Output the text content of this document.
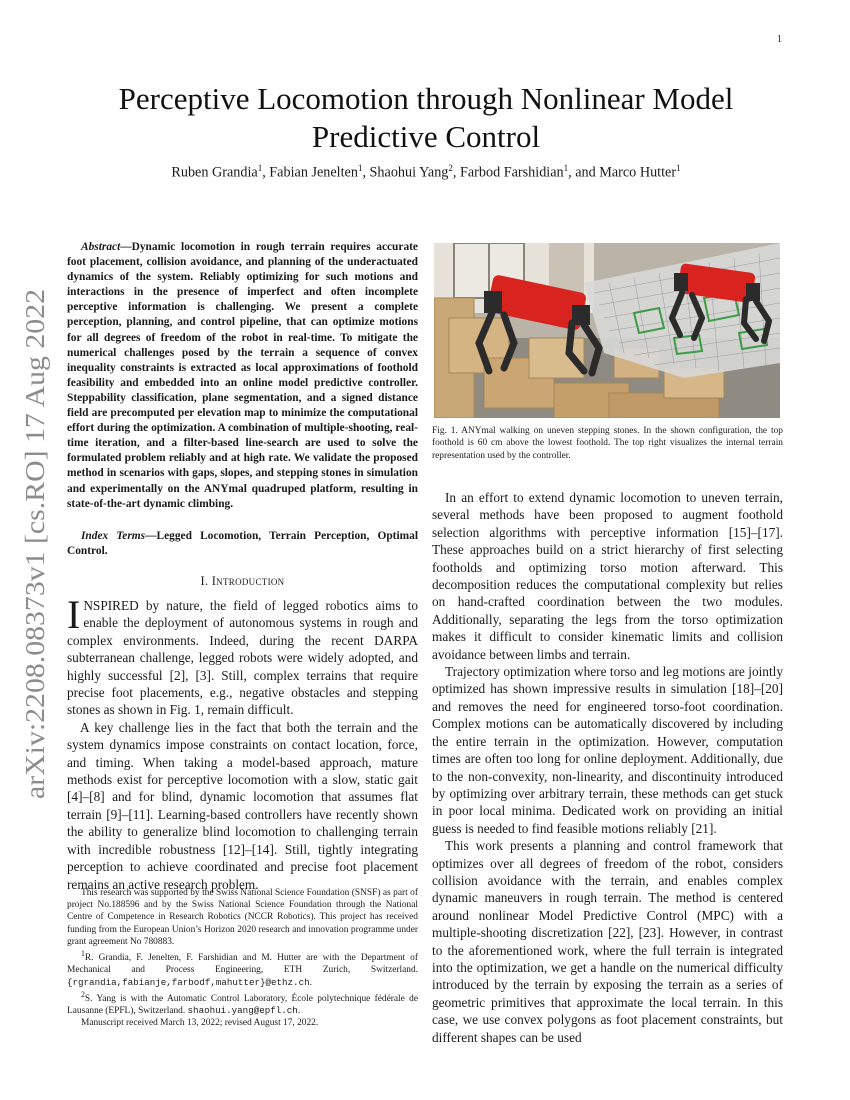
1
arXiv:2208.08373v1 [cs.RO] 17 Aug 2022
Perceptive Locomotion through Nonlinear Model Predictive Control
Ruben Grandia$^1$, Fabian Jenelten$^1$, Shaohui Yang$^2$, Farbod Farshidian$^1$, and Marco Hutter$^1$

Abstract—Dynamic locomotion in rough terrain requires accurate foot placement, collision avoidance, and planning of the underactuated dynamics of the system. Reliably optimizing for such motions and interactions in the presence of imperfect and often incomplete perceptive information is challenging. We present a complete perception, planning, and control pipeline, that can optimize motions for all degrees of freedom of the robot in real-time. To mitigate the numerical challenges posed by the terrain a sequence of convex inequality constraints is extracted as local approximations of foothold feasibility and embedded into an online model predictive controller. Steppability classification, plane segmentation, and a signed distance field are precomputed per elevation map to minimize the computational effort during the optimization. A combination of multiple-shooting, real-time iteration, and a filter-based line-search are used to solve the formulated problem reliably and at high rate. We validate the proposed method in scenarios with gaps, slopes, and stepping stones in simulation and experimentally on the ANYmal quadruped platform, resulting in state-of-the-art dynamic climbing.

Index Terms—Legged Locomotion, Terrain Perception, Optimal Control.

I. Introduction

INSPIRED by nature, the field of legged robotics aims to enable the deployment of autonomous systems in rough and complex environments. Indeed, during the recent DARPA subterranean challenge, legged robots were widely adopted, and highly successful [2], [3]. Still, complex terrains that require precise foot placements, e.g., negative obstacles and stepping stones as shown in Fig. 1, remain difficult.

A key challenge lies in the fact that both the terrain and the system dynamics impose constraints on contact location, force, and timing. When taking a model-based approach, mature methods exist for perceptive locomotion with a slow, static gait [4]–[8] and for blind, dynamic locomotion that assumes flat terrain [9]–[11]. Learning-based controllers have recently shown the ability to generalize blind locomotion to challenging terrain with incredible robustness [12]–[14]. Still, tightly integrating perception to achieve coordinated and precise foot placement remains an active research problem.

This research was supported by the Swiss National Science Foundation (SNSF) as part of project No.188596 and by the Swiss National Science Foundation through the National Centre of Competence in Research Robotics (NCCR Robotics). This project has received funding from the European Union’s Horizon 2020 research and innovation programme under grant agreement No 780883.

$^1$R. Grandia, F. Jenelten, F. Farshidian and M. Hutter are with the Department of Mechanical and Process Engineering, ETH Zurich, Switzerland. {rgrandia,fabianje,farbodf,mahutter}@ethz.ch.

$^2$S. Yang is with the Automatic Control Laboratory, École polytechnique fédérale de Lausanne (EPFL), Switzerland. shaohui.yang@epfl.ch.

Manuscript received March 13, 2022; revised August 17, 2022.

Fig. 1. ANYmal walking on uneven stepping stones. In the shown configuration, the top foothold is 60 cm above the lowest foothold. The top right visualizes the internal terrain representation used by the controller.

In an effort to extend dynamic locomotion to uneven terrain, several methods have been proposed to augment foothold selection algorithms with perceptive information [15]–[17]. These approaches build on a strict hierarchy of first selecting footholds and optimizing torso motion afterward. This decomposition reduces the computational complexity but relies on hand-crafted coordination between the two modules. Additionally, separating the legs from the torso optimization makes it difficult to consider kinematic limits and collision avoidance between limbs and terrain.

Trajectory optimization where torso and leg motions are jointly optimized has shown impressive results in simulation [18]–[20] and removes the need for engineered torso-foot coordination. Complex motions can be automatically discovered by including the entire terrain in the optimization. However, computation times are often too long for online deployment. Additionally, due to the non-convexity, non-linearity, and discontinuity introduced by optimizing over arbitrary terrain, these methods can get stuck in poor local minima. Dedicated work on providing an initial guess is needed to find feasible motions reliably [21].

This work presents a planning and control framework that optimizes over all degrees of freedom of the robot, considers collision avoidance with the terrain, and enables complex dynamic maneuvers in rough terrain. The method is centered around nonlinear Model Predictive Control (MPC) with a multiple-shooting discretization [22], [23]. However, in contrast to the aforementioned work, where the full terrain is integrated into the optimization, we get a handle on the numerical difficulty introduced by the terrain by exposing the terrain as a series of geometric primitives that approximate the local terrain. In this case, we use convex polygons as foot placement constraints, but different shapes can be used
